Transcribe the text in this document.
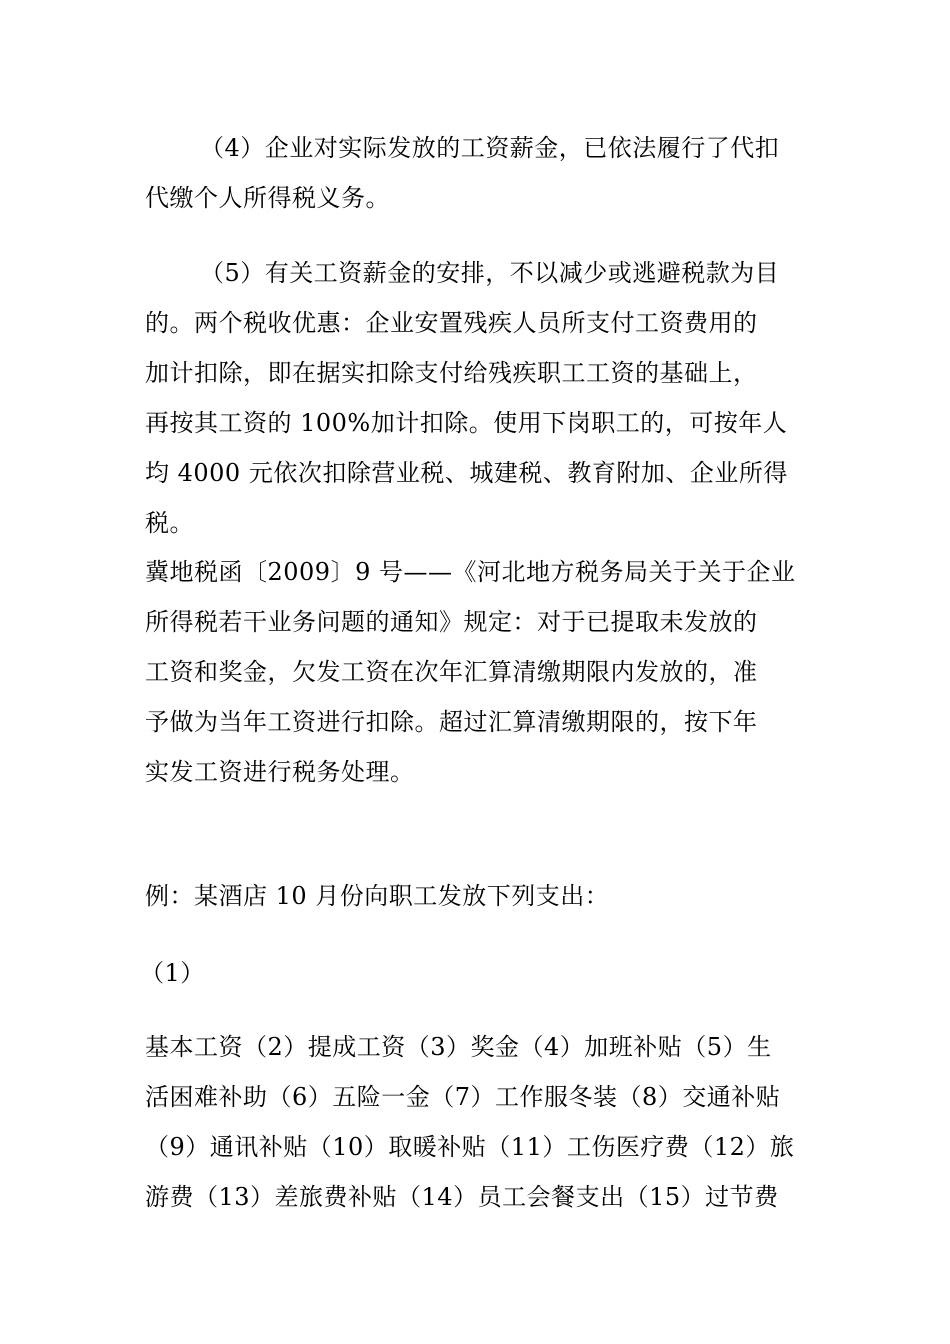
（4）企业对实际发放的工资薪金，已依法履行了代扣
代缴个人所得税义务。
（5）有关工资薪金的安排，不以减少或逃避税款为目
的。两个税收优惠：企业安置残疾人员所支付工资费用的
加计扣除，即在据实扣除支付给残疾职工工资的基础上，
再按其工资的 100%加计扣除。使用下岗职工的，可按年人
均 4000 元依次扣除营业税、城建税、教育附加、企业所得
税。
冀地税函〔2009〕9 号——《河北地方税务局关于关于企业
所得税若干业务问题的通知》规定：对于已提取未发放的
工资和奖金，欠发工资在次年汇算清缴期限内发放的，准
予做为当年工资进行扣除。超过汇算清缴期限的，按下年
实发工资进行税务处理。
例：某酒店 10 月份向职工发放下列支出：
（1）
基本工资（2）提成工资（3）奖金（4）加班补贴（5）生
活困难补助（6）五险一金（7）工作服冬装（8）交通补贴
（9）通讯补贴（10）取暖补贴（11）工伤医疗费（12）旅
游费（13）差旅费补贴（14）员工会餐支出（15）过节费
